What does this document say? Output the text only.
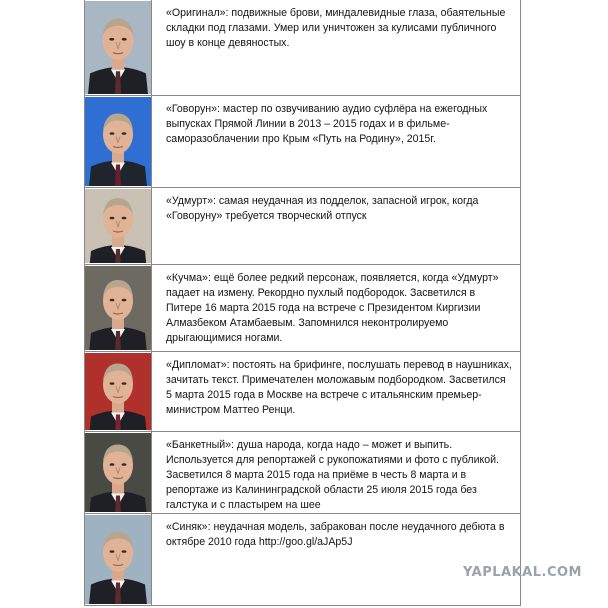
«Оригинал»: подвижные брови, миндалевидные глаза, обаятельные складки под глазами. Умер или уничтожен за кулисами публичного шоу в конце девяностых.
«Говорун»: мастер по озвучиванию аудио суфлёра на ежегодных выпусках Прямой Линии в 2013 – 2015 годах и в фильме-саморазоблачении про Крым «Путь на Родину», 2015г.
«Удмурт»: самая неудачная из подделок, запасной игрок, когда «Говоруну» требуется творческий отпуск
«Кучма»: ещё более редкий персонаж, появляется, когда «Удмурт» падает на измену. Рекордно пухлый подбородок. Засветился в Питере 16 марта 2015 года на встрече с Президентом Киргизии Алмазбеком Атамбаевым. Запомнился неконтролируемо дрыгающимися ногами.
«Дипломат»: постоять на брифинге, послушать перевод в наушниках, зачитать текст. Примечателен моложавым подбородком. Засветился 5 марта 2015 года в Москве на встрече с итальянским премьер-министром Маттео Ренци.
«Банкетный»: душа народа, когда надо – может и выпить. Используется для репортажей с рукопожатиями и фото с публикой. Засветился 8 марта 2015 года на приёме в честь 8 марта и в репортаже из Калининградской области 25 июля 2015 года без галстука и с пластырем на шее
«Синяк»: неудачная модель, забракован после неудачного дебюта в октябре 2010 года http://goo.gl/aJAp5J
YAPLAKAL.COM
